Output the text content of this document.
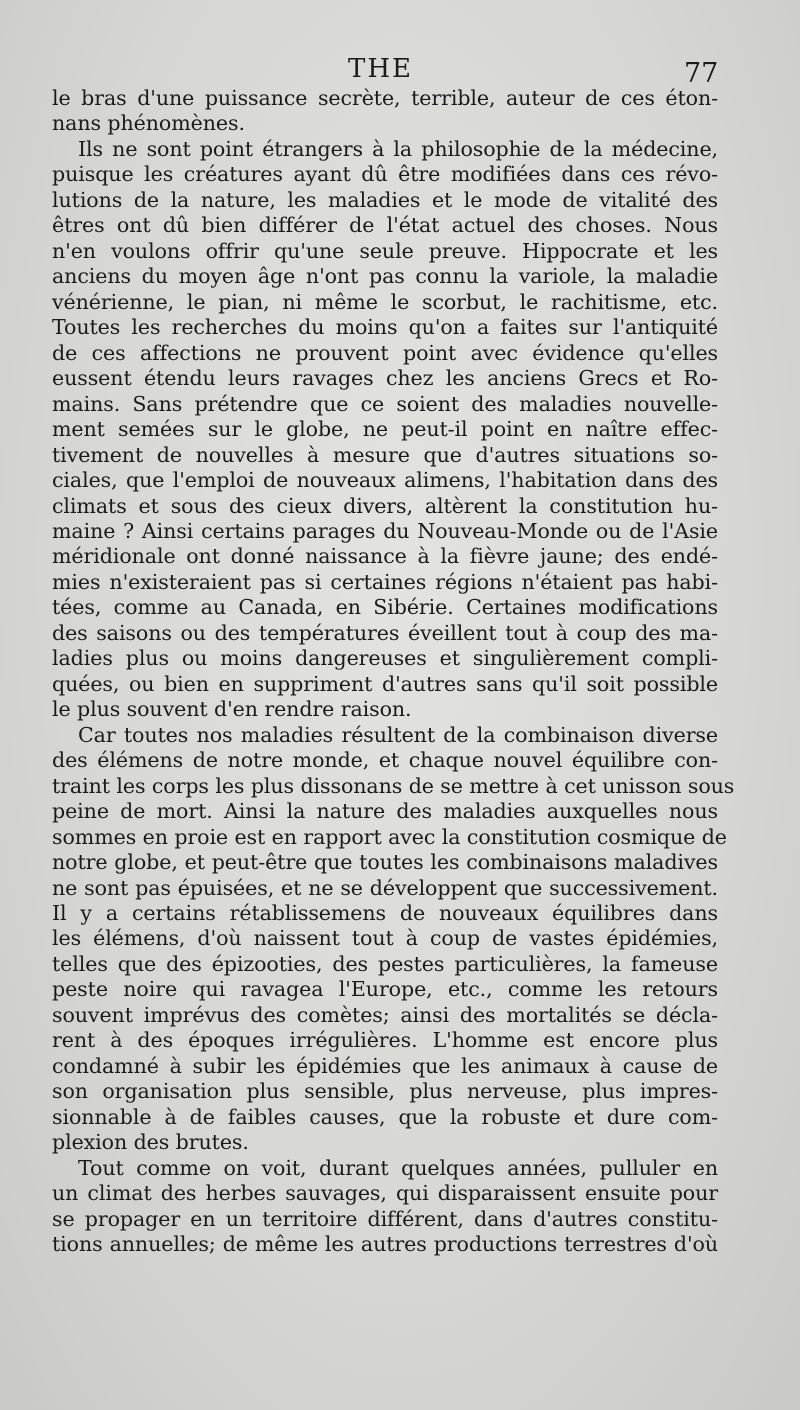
THE	77
le bras d'une puissance secrète, terrible, auteur de ces éton-
nans phénomènes.
Ils ne sont point étrangers à la philosophie de la médecine,
puisque les créatures ayant dû être modifiées dans ces révo-
lutions de la nature, les maladies et le mode de vitalité des
êtres ont dû bien différer de l'état actuel des choses. Nous
n'en voulons offrir qu'une seule preuve. Hippocrate et les
anciens du moyen âge n'ont pas connu la variole, la maladie
vénérienne, le pian, ni même le scorbut, le rachitisme, etc.
Toutes les recherches du moins qu'on a faites sur l'antiquité
de ces affections ne prouvent point avec évidence qu'elles
eussent étendu leurs ravages chez les anciens Grecs et Ro-
mains. Sans prétendre que ce soient des maladies nouvelle-
ment semées sur le globe, ne peut-il point en naître effec-
tivement de nouvelles à mesure que d'autres situations so-
ciales, que l'emploi de nouveaux alimens, l'habitation dans des
climats et sous des cieux divers, altèrent la constitution hu-
maine ? Ainsi certains parages du Nouveau-Monde ou de l'Asie
méridionale ont donné naissance à la fièvre jaune; des endé-
mies n'existeraient pas si certaines régions n'étaient pas habi-
tées, comme au Canada, en Sibérie. Certaines modifications
des saisons ou des températures éveillent tout à coup des ma-
ladies plus ou moins dangereuses et singulièrement compli-
quées, ou bien en suppriment d'autres sans qu'il soit possible
le plus souvent d'en rendre raison.
Car toutes nos maladies résultent de la combinaison diverse
des élémens de notre monde, et chaque nouvel équilibre con-
traint les corps les plus dissonans de se mettre à cet unisson sous
peine de mort. Ainsi la nature des maladies auxquelles nous
sommes en proie est en rapport avec la constitution cosmique de
notre globe, et peut-être que toutes les combinaisons maladives
ne sont pas épuisées, et ne se développent que successivement.
Il y a certains rétablissemens de nouveaux équilibres dans
les élémens, d'où naissent tout à coup de vastes épidémies,
telles que des épizooties, des pestes particulières, la fameuse
peste noire qui ravagea l'Europe, etc., comme les retours
souvent imprévus des comètes; ainsi des mortalités se décla-
rent à des époques irrégulières. L'homme est encore plus
condamné à subir les épidémies que les animaux à cause de
son organisation plus sensible, plus nerveuse, plus impres-
sionnable à de faibles causes, que la robuste et dure com-
plexion des brutes.
Tout comme on voit, durant quelques années, pulluler en
un climat des herbes sauvages, qui disparaissent ensuite pour
se propager en un territoire différent, dans d'autres constitu-
tions annuelles; de même les autres productions terrestres d'où
